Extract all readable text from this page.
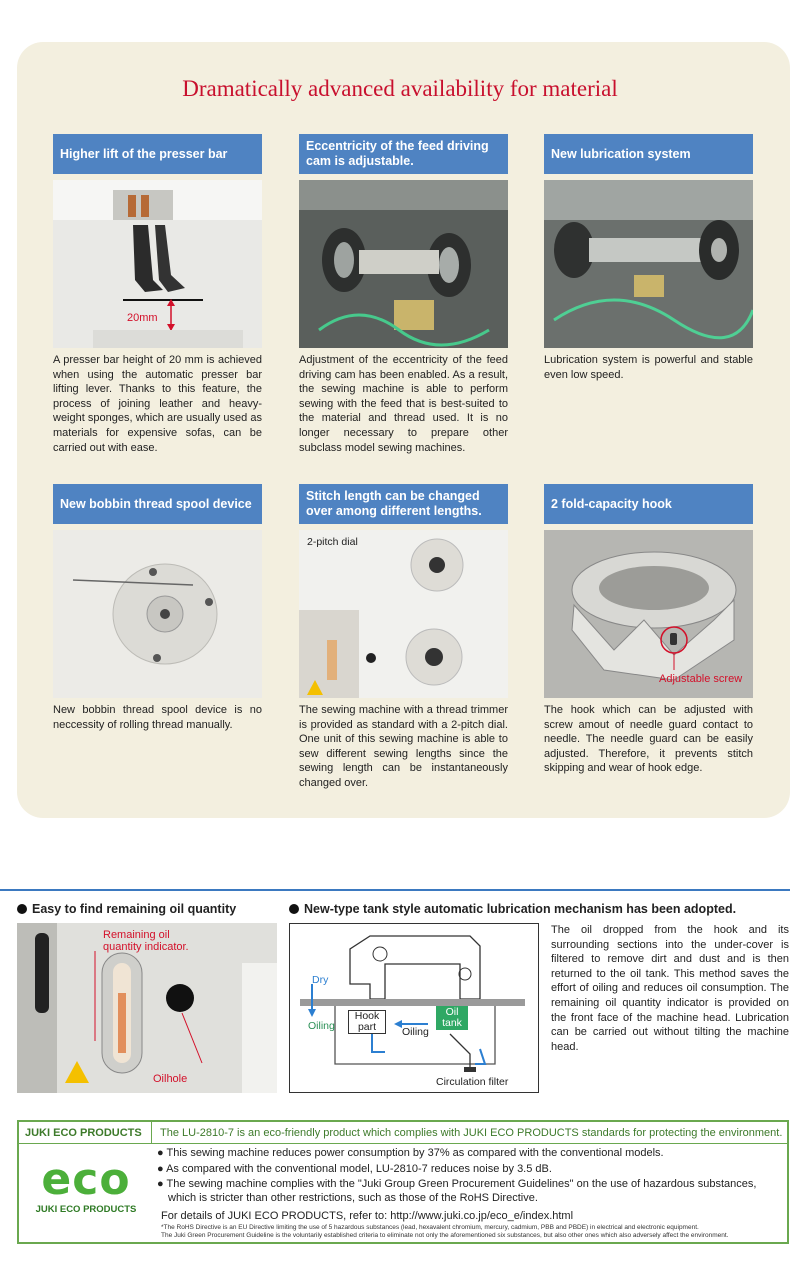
Dramatically advanced availability for material
Higher lift of the presser bar
20mm
A presser bar height of 20 mm is achieved when using the automatic presser bar lifting lever. Thanks to this feature, the process of joining leather and heavy-weight sponges, which are usually used as materials for expensive sofas, can be carried out with ease.
Eccentricity of the feed driving cam is adjustable.
Adjustment of the eccentricity of the feed driving cam has been enabled. As a result, the sewing machine is able to perform sewing with the feed that is best-suited to the material and thread used. It is no longer necessary to prepare other subclass model sewing machines.
New lubrication system
Lubrication system is powerful and stable even low speed.
New bobbin thread spool device
New bobbin thread spool device is no neccessity of rolling thread manually.
Stitch length can be changed over among different lengths.
2-pitch dial
The sewing machine with a thread trimmer is provided as standard with a 2-pitch dial. One unit of this sewing machine is able to sew different sewing lengths since the sewing length can be instantaneously changed over.
2 fold-capacity hook
Adjustable screw
The hook which can be adjusted with screw amout of needle guard contact to needle. The needle guard can be easily adjusted. Therefore, it prevents stitch skipping and wear of hook edge.
Easy to find remaining oil quantity
Remaining oil quantity indicator.
Oilhole
New-type tank style automatic lubrication mechanism has been adopted.
Dry
Oiling
Hook part	Oiling
Oil tank
Circulation filter
The oil dropped from the hook and its surrounding sections into the under-cover is filtered to remove dirt and dust and is then returned to the oil tank. This method saves the effort of oiling and reduces oil consumption. The remaining oil quantity indicator is provided on the front face of the machine head. Lubrication can be carried out without tilting the machine head.
JUKI ECO PRODUCTS	The LU-2810-7 is an eco-friendly product which complies with JUKI ECO PRODUCTS standards for protecting the environment.
eco
JUKI ECO PRODUCTS
● This sewing machine reduces power consumption by 37% as compared with the conventional models.
● As compared with the conventional model, LU-2810-7 reduces noise by 3.5 dB.
● The sewing machine complies with the "Juki Group Green Procurement Guidelines" on the use of hazardous substances, which is stricter than other restrictions, such as those of the RoHS Directive.
For details of JUKI ECO PRODUCTS, refer to: http://www.juki.co.jp/eco_e/index.html
*The RoHS Directive is an EU Directive limiting the use of 5 hazardous substances (lead, hexavalent chromium, mercury, cadmium, PBB and PBDE) in electrical and electronic equipment.
The Juki Green Procurement Guideline is the voluntarily established criteria to eliminate not only the aforementioned six substances, but also other ones which also adversely affect the environment.
